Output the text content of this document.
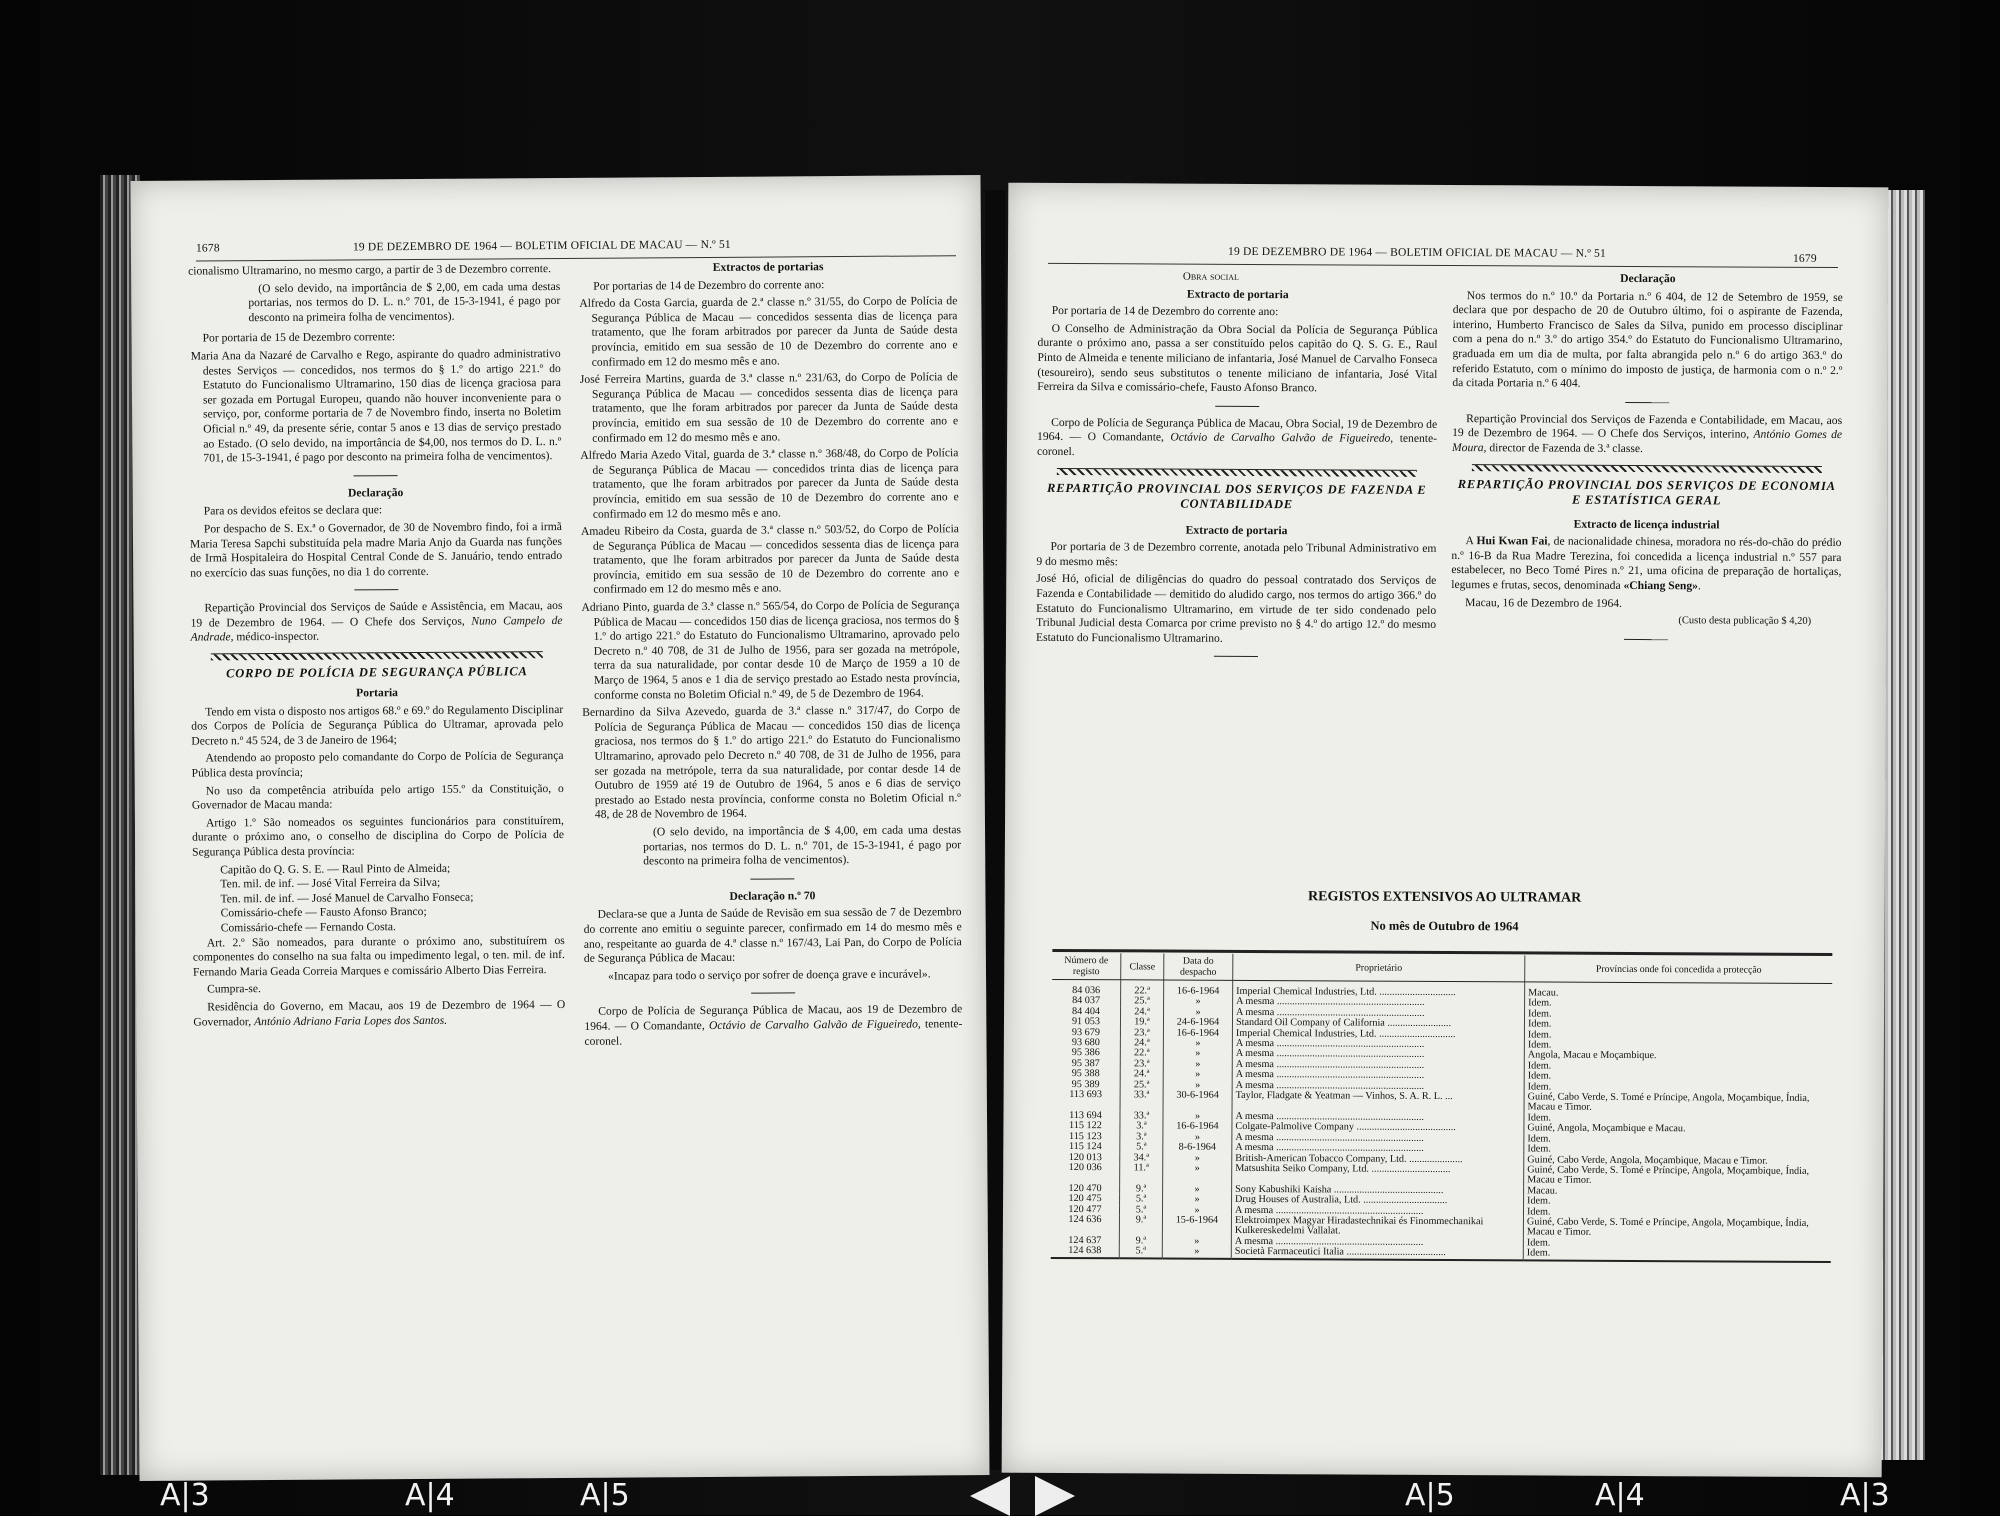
1678	19 DE DEZEMBRO DE 1964 — BOLETIM OFICIAL DE MACAU — N.º 51

cionalismo Ultramarino, no mesmo cargo, a partir de 3 de Dezembro corrente.

(O selo devido, na importância de $ 2,00, em cada uma destas portarias, nos termos do D. L. n.º 701, de 15-3-1941, é pago por desconto na primeira folha de vencimentos).

Por portaria de 15 de Dezembro corrente:

Maria Ana da Nazaré de Carvalho e Rego, aspirante do quadro administrativo destes Serviços — concedidos, nos termos do § 1.º do artigo 221.º do Estatuto do Funcionalismo Ultramarino, 150 dias de licença graciosa para ser gozada em Portugal Europeu, quando não houver inconveniente para o serviço, por, conforme portaria de 7 de Novembro findo, inserta no Boletim Oficial n.º 49, da presente série, contar 5 anos e 13 dias de serviço prestado ao Estado. (O selo devido, na importância de $4,00, nos termos do D. L. n.º 701, de 15-3-1941, é pago por desconto na primeira folha de vencimentos).

Declaração

Para os devidos efeitos se declara que:

Por despacho de S. Ex.ª o Governador, de 30 de Novembro findo, foi a irmã Maria Teresa Sapchi substituída pela madre Maria Anjo da Guarda nas funções de Irmã Hospitaleira do Hospital Central Conde de S. Januário, tendo entrado no exercício das suas funções, no dia 1 do corrente.

Repartição Provincial dos Serviços de Saúde e Assistência, em Macau, aos 19 de Dezembro de 1964. — O Chefe dos Serviços, Nuno Campelo de Andrade, médico-inspector.

CORPO DE POLÍCIA DE SEGURANÇA PÚBLICA

Portaria

Tendo em vista o disposto nos artigos 68.º e 69.º do Regulamento Disciplinar dos Corpos de Polícia de Segurança Pública do Ultramar, aprovada pelo Decreto n.º 45 524, de 3 de Janeiro de 1964;

Atendendo ao proposto pelo comandante do Corpo de Polícia de Segurança Pública desta província;

No uso da competência atribuída pelo artigo 155.º da Constituição, o Governador de Macau manda:

Artigo 1.º São nomeados os seguintes funcionários para constituírem, durante o próximo ano, o conselho de disciplina do Corpo de Polícia de Segurança Pública desta província:

Capitão do Q. G. S. E. — Raul Pinto de Almeida;
Ten. mil. de inf. — José Vital Ferreira da Silva;
Ten. mil. de inf. — José Manuel de Carvalho Fonseca;
Comissário-chefe — Fausto Afonso Branco;
Comissário-chefe — Fernando Costa.

Art. 2.º São nomeados, para durante o próximo ano, substituírem os componentes do conselho na sua falta ou impedimento legal, o ten. mil. de inf. Fernando Maria Geada Correia Marques e comissário Alberto Dias Ferreira.

Cumpra-se.

Residência do Governo, em Macau, aos 19 de Dezembro de 1964 — O Governador, António Adriano Faria Lopes dos Santos.

Extractos de portarias

Por portarias de 14 de Dezembro do corrente ano:

Alfredo da Costa Garcia, guarda de 2.ª classe n.º 31/55, do Corpo de Polícia de Segurança Pública de Macau — concedidos sessenta dias de licença para tratamento, que lhe foram arbitrados por parecer da Junta de Saúde desta província, emitido em sua sessão de 10 de Dezembro do corrente ano e confirmado em 12 do mesmo mês e ano.

José Ferreira Martins, guarda de 3.ª classe n.º 231/63, do Corpo de Polícia de Segurança Pública de Macau — concedidos sessenta dias de licença para tratamento, que lhe foram arbitrados por parecer da Junta de Saúde desta província, emitido em sua sessão de 10 de Dezembro do corrente ano e confirmado em 12 do mesmo mês e ano.

Alfredo Maria Azedo Vital, guarda de 3.ª classe n.º 368/48, do Corpo de Polícia de Segurança Pública de Macau — concedidos trinta dias de licença para tratamento, que lhe foram arbitrados por parecer da Junta de Saúde desta província, emitido em sua sessão de 10 de Dezembro do corrente ano e confirmado em 12 do mesmo mês e ano.

Amadeu Ribeiro da Costa, guarda de 3.ª classe n.º 503/52, do Corpo de Polícia de Segurança Pública de Macau — concedidos sessenta dias de licença para tratamento, que lhe foram arbitrados por parecer da Junta de Saúde desta província, emitido em sua sessão de 10 de Dezembro do corrente ano e confirmado em 12 do mesmo mês e ano.

Adriano Pinto, guarda de 3.ª classe n.º 565/54, do Corpo de Polícia de Segurança Pública de Macau — concedidos 150 dias de licença graciosa, nos termos do § 1.º do artigo 221.º do Estatuto do Funcionalismo Ultramarino, aprovado pelo Decreto n.º 40 708, de 31 de Julho de 1956, para ser gozada na metrópole, terra da sua naturalidade, por contar desde 10 de Março de 1959 a 10 de Março de 1964, 5 anos e 1 dia de serviço prestado ao Estado nesta província, conforme consta no Boletim Oficial n.º 49, de 5 de Dezembro de 1964.

Bernardino da Silva Azevedo, guarda de 3.ª classe n.º 317/47, do Corpo de Polícia de Segurança Pública de Macau — concedidos 150 dias de licença graciosa, nos termos do § 1.º do artigo 221.º do Estatuto do Funcionalismo Ultramarino, aprovado pelo Decreto n.º 40 708, de 31 de Julho de 1956, para ser gozada na metrópole, terra da sua naturalidade, por contar desde 14 de Outubro de 1959 até 19 de Outubro de 1964, 5 anos e 6 dias de serviço prestado ao Estado nesta província, conforme consta no Boletim Oficial n.º 48, de 28 de Novembro de 1964.

(O selo devido, na importância de $ 4,00, em cada uma destas portarias, nos termos do D. L. n.º 701, de 15-3-1941, é pago por desconto na primeira folha de vencimentos).

Declaração n.º 70

Declara-se que a Junta de Saúde de Revisão em sua sessão de 7 de Dezembro do corrente ano emitiu o seguinte parecer, confirmado em 14 do mesmo mês e ano, respeitante ao guarda de 4.ª classe n.º 167/43, Lai Pan, do Corpo de Polícia de Segurança Pública de Macau:

«Incapaz para todo o serviço por sofrer de doença grave e incurável».

Corpo de Polícia de Segurança Pública de Macau, aos 19 de Dezembro de 1964. — O Comandante, Octávio de Carvalho Galvão de Figueiredo, tenente-coronel.

19 DE DEZEMBRO DE 1964 — BOLETIM OFICIAL DE MACAU — N.º 51	1679

Obra social

Extracto de portaria

Por portaria de 14 de Dezembro do corrente ano:

O Conselho de Administração da Obra Social da Polícia de Segurança Pública durante o próximo ano, passa a ser constituído pelos capitão do Q. S. G. E., Raul Pinto de Almeida e tenente miliciano de infantaria, José Manuel de Carvalho Fonseca (tesoureiro), sendo seus substitutos o tenente miliciano de infantaria, José Vital Ferreira da Silva e comissário-chefe, Fausto Afonso Branco.

Corpo de Polícia de Segurança Pública de Macau, Obra Social, 19 de Dezembro de 1964. — O Comandante, Octávio de Carvalho Galvão de Figueiredo, tenente-coronel.

REPARTIÇÃO PROVINCIAL DOS SERVIÇOS DE FAZENDA E CONTABILIDADE

Extracto de portaria

Por portaria de 3 de Dezembro corrente, anotada pelo Tribunal Administrativo em 9 do mesmo mês:

José Hó, oficial de diligências do quadro do pessoal contratado dos Serviços de Fazenda e Contabilidade — demitido do aludido cargo, nos termos do artigo 366.º do Estatuto do Funcionalismo Ultramarino, em virtude de ter sido condenado pelo Tribunal Judicial desta Comarca por crime previsto no § 4.º do artigo 12.º do mesmo Estatuto do Funcionalismo Ultramarino.

Declaração

Nos termos do n.º 10.º da Portaria n.º 6 404, de 12 de Setembro de 1959, se declara que por despacho de 20 de Outubro último, foi o aspirante de Fazenda, interino, Humberto Francisco de Sales da Silva, punido em processo disciplinar com a pena do n.º 3.º do artigo 354.º do Estatuto do Funcionalismo Ultramarino, graduada em um dia de multa, por falta abrangida pelo n.º 6 do artigo 363.º do referido Estatuto, com o mínimo do imposto de justiça, de harmonia com o n.º 2.º da citada Portaria n.º 6 404.

Repartição Provincial dos Serviços de Fazenda e Contabilidade, em Macau, aos 19 de Dezembro de 1964. — O Chefe dos Serviços, interino, António Gomes de Moura, director de Fazenda de 3.ª classe.

REPARTIÇÃO PROVINCIAL DOS SERVIÇOS DE ECONOMIA E ESTATÍSTICA GERAL

Extracto de licença industrial

A Hui Kwan Fai, de nacionalidade chinesa, moradora no rés-do-chão do prédio n.º 16-B da Rua Madre Terezina, foi concedida a licença industrial n.º 557 para estabelecer, no Beco Tomé Pires n.º 21, uma oficina de preparação de hortaliças, legumes e frutas, secos, denominada «Chiang Seng».

Macau, 16 de Dezembro de 1964.

(Custo desta publicação $ 4,20)

REGISTOS EXTENSIVOS AO ULTRAMAR
No mês de Outubro de 1964
Número de registo	Classe	Data do despacho	Proprietário	Províncias onde foi concedida a protecção
84 036	22.ª	16-6-1964	Imperial Chemical Industries, Ltd. ..............................	Macau.
84 037	25.ª	»	A mesma ..........................................................	Idem.
84 404	24.ª	»	A mesma ..........................................................	Idem.
91 053	19.ª	24-6-1964	Standard Oil Company of California .........................	Idem.
93 679	23.ª	16-6-1964	Imperial Chemical Industries, Ltd. ..............................	Idem.
93 680	24.ª	»	A mesma ..........................................................	Idem.
95 386	22.ª	»	A mesma ..........................................................	Angola, Macau e Moçambique.
95 387	23.ª	»	A mesma ..........................................................	Idem.
95 388	24.ª	»	A mesma ..........................................................	Idem.
95 389	25.ª	»	A mesma ..........................................................	Idem.
113 693	33.ª	30-6-1964	Taylor, Fladgate & Yeatman — Vinhos, S. A. R. L. ...	Guiné, Cabo Verde, S. Tomé e Príncipe, Angola, Moçambique, Índia, Macau e Timor.
113 694	33.ª	»	A mesma ..........................................................	Idem.
115 122	3.ª	16-6-1964	Colgate-Palmolive Company .......................................	Guiné, Angola, Moçambique e Macau.
115 123	3.ª	»	A mesma ..........................................................	Idem.
115 124	5.ª	8-6-1964	A mesma ..........................................................	Idem.
120 013	34.ª	»	British-American Tobacco Company, Ltd. .....................	Guiné, Cabo Verde, Angola, Moçambique, Macau e Timor.
120 036	11.ª	»	Matsushita Seiko Company, Ltd. ...............................	Guiné, Cabo Verde, S. Tomé e Príncipe, Angola, Moçambique, Índia, Macau e Timor.
120 470	9.ª	»	Sony Kabushiki Kaisha ...........................................	Macau.
120 475	5.ª	»	Drug Houses of Australia, Ltd. .................................	Idem.
120 477	5.ª	»	A mesma ..........................................................	Idem.
124 636	9.ª	15-6-1964	Elektroimpex Magyar Hiradastechnikai és Finommechanikai Kulkereskedelmi Vallalat.	Guiné, Cabo Verde, S. Tomé e Príncipe, Angola, Moçambique, Índia, Macau e Timor.
124 637	9.ª	»	A mesma ..........................................................	Idem.
124 638	5.ª	»	Società Farmaceutici Italia .......................................	Idem.
A|3	A|4	A|5	A|5	A|4	A|3
